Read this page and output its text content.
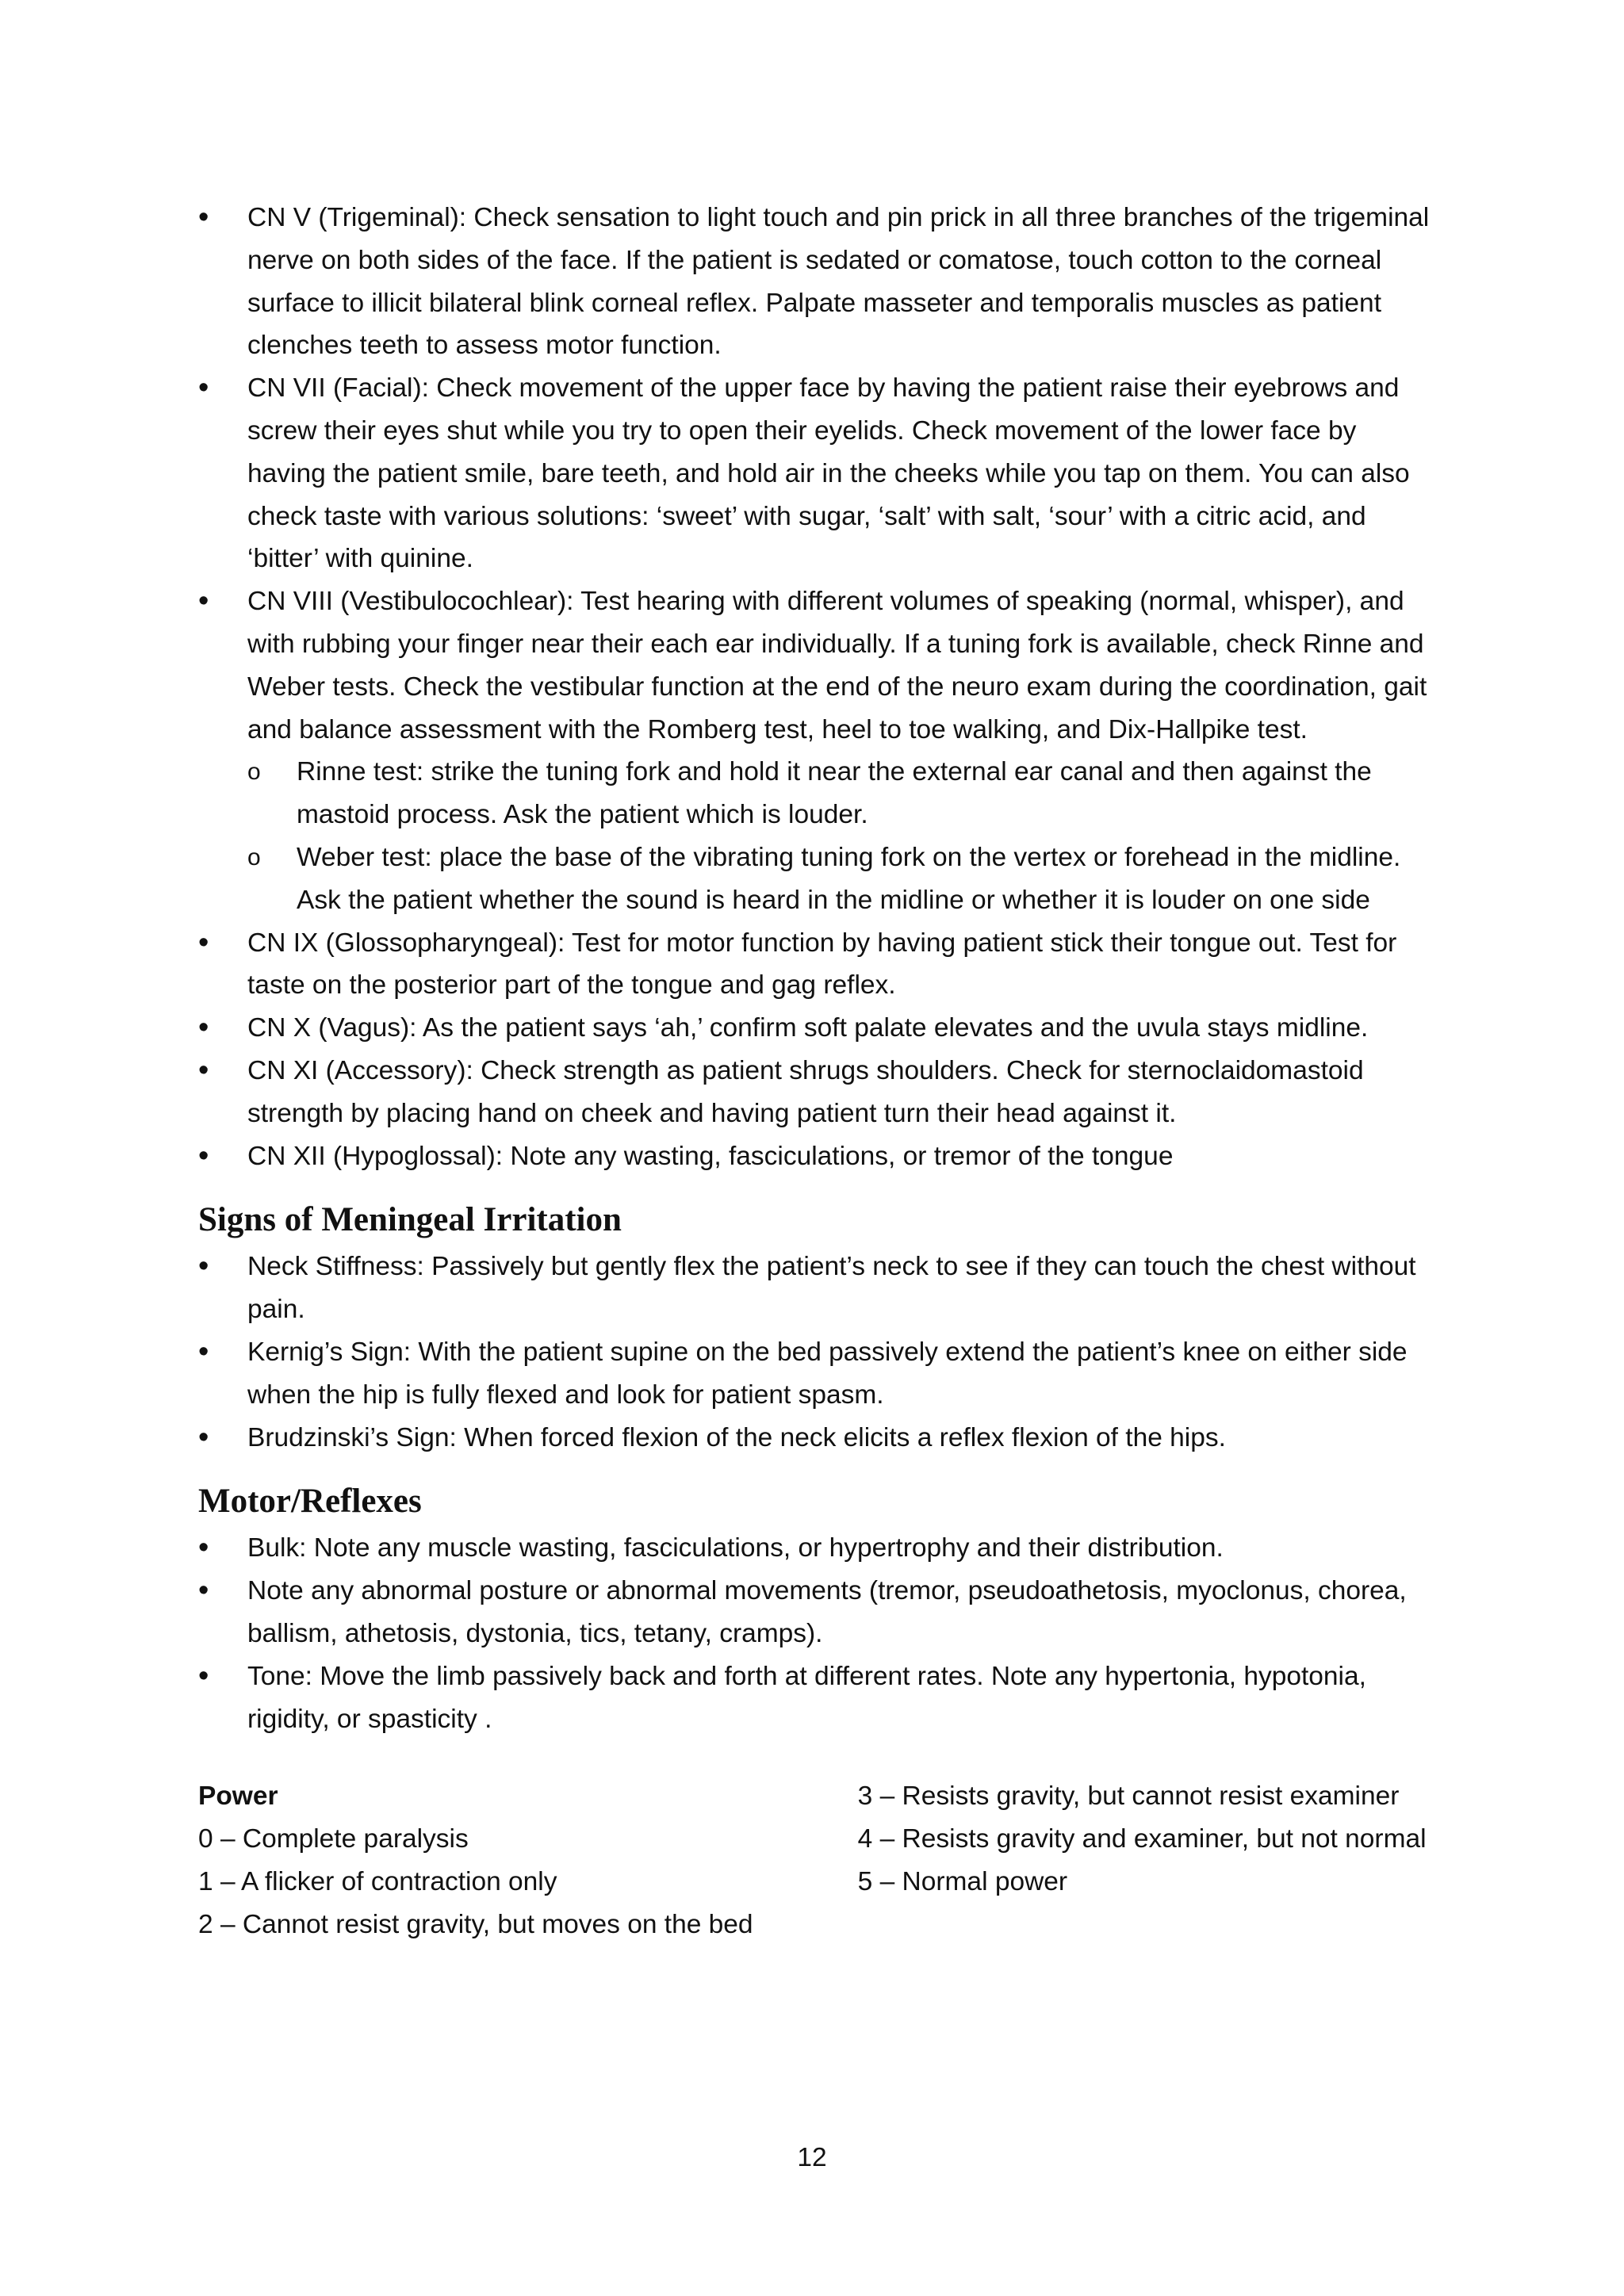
• CN V (Trigeminal): Check sensation to light touch and pin prick in all three branches of the trigeminal nerve on both sides of the face. If the patient is sedated or comatose, touch cotton to the corneal surface to illicit bilateral blink corneal reflex. Palpate masseter and temporalis muscles as patient clenches teeth to assess motor function.
• CN VII (Facial): Check movement of the upper face by having the patient raise their eyebrows and screw their eyes shut while you try to open their eyelids. Check movement of the lower face by having the patient smile, bare teeth, and hold air in the cheeks while you tap on them. You can also check taste with various solutions: ‘sweet’ with sugar, ‘salt’ with salt, ‘sour’ with a citric acid, and ‘bitter’ with quinine.
• CN VIII (Vestibulocochlear): Test hearing with different volumes of speaking (normal, whisper), and with rubbing your finger near their each ear individually. If a tuning fork is available, check Rinne and Weber tests. Check the vestibular function at the end of the neuro exam during the coordination, gait and balance assessment with the Romberg test, heel to toe walking, and Dix-Hallpike test.
o Rinne test: strike the tuning fork and hold it near the external ear canal and then against the mastoid process. Ask the patient which is louder.
o Weber test: place the base of the vibrating tuning fork on the vertex or forehead in the midline. Ask the patient whether the sound is heard in the midline or whether it is louder on one side
• CN IX (Glossopharyngeal): Test for motor function by having patient stick their tongue out. Test for taste on the posterior part of the tongue and gag reflex.
• CN X (Vagus): As the patient says ‘ah,’ confirm soft palate elevates and the uvula stays midline.
• CN XI (Accessory): Check strength as patient shrugs shoulders. Check for sternoclaidomastoid strength by placing hand on cheek and having patient turn their head against it.
• CN XII (Hypoglossal): Note any wasting, fasciculations, or tremor of the tongue
Signs of Meningeal Irritation
• Neck Stiffness: Passively but gently flex the patient’s neck to see if they can touch the chest without pain.
• Kernig’s Sign: With the patient supine on the bed passively extend the patient’s knee on either side when the hip is fully flexed and look for patient spasm.
• Brudzinski’s Sign: When forced flexion of the neck elicits a reflex flexion of the hips.
Motor/Reflexes
• Bulk: Note any muscle wasting, fasciculations, or hypertrophy and their distribution.
• Note any abnormal posture or abnormal movements (tremor, pseudoathetosis, myoclonus, chorea, ballism, athetosis, dystonia, tics, tetany, cramps).
• Tone: Move the limb passively back and forth at different rates. Note any hypertonia, hypotonia, rigidity, or spasticity .
Power
0 – Complete paralysis
1 – A flicker of contraction only
2 – Cannot resist gravity, but moves on the bed
3 – Resists gravity, but cannot resist examiner
4 – Resists gravity and examiner, but not normal
5 – Normal power
12
